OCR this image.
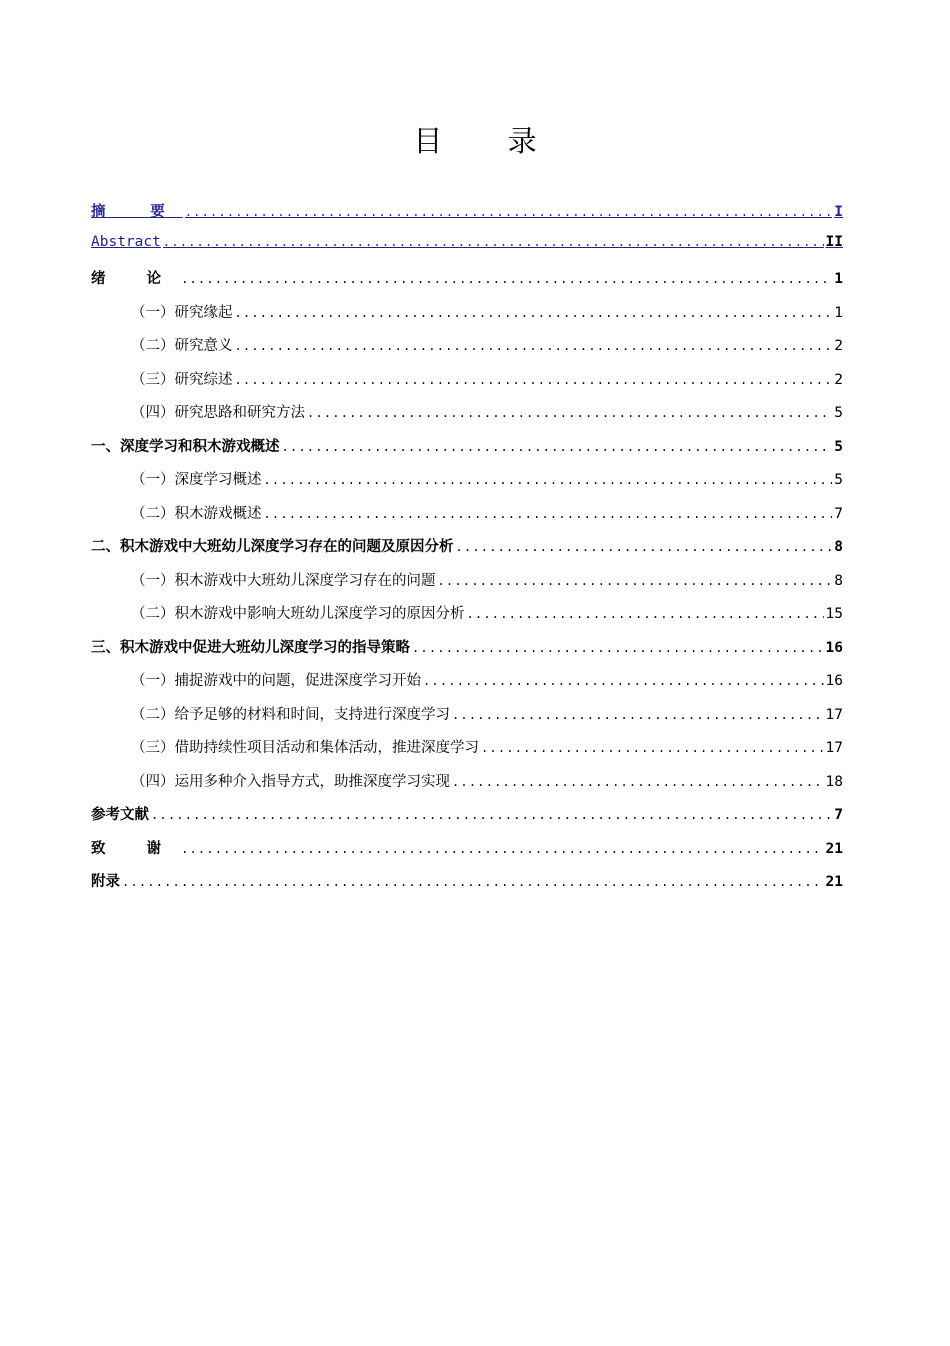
目 录
摘 要 .....	I
Abstract .....	II
绪 论 .....	1
（一）研究缘起 .....	1
（二）研究意义 .....	2
（三）研究综述 .....	2
（四）研究思路和研究方法 .....	5
一、深度学习和积木游戏概述 .....	5
（一）深度学习概述 .....	5
（二）积木游戏概述 .....	7
二、积木游戏中大班幼儿深度学习存在的问题及原因分析 .....	8
（一）积木游戏中大班幼儿深度学习存在的问题 .....	8
（二）积木游戏中影响大班幼儿深度学习的原因分析 .....	15
三、积木游戏中促进大班幼儿深度学习的指导策略 .....	16
（一）捕捉游戏中的问题，促进深度学习开始 .....	16
（二）给予足够的材料和时间，支持进行深度学习 .....	17
（三）借助持续性项目活动和集体活动，推进深度学习 .....	17
（四）运用多种介入指导方式，助推深度学习实现 .....	18
参考文献 .....	7
致 谢 .....	21
附录 .....	21
